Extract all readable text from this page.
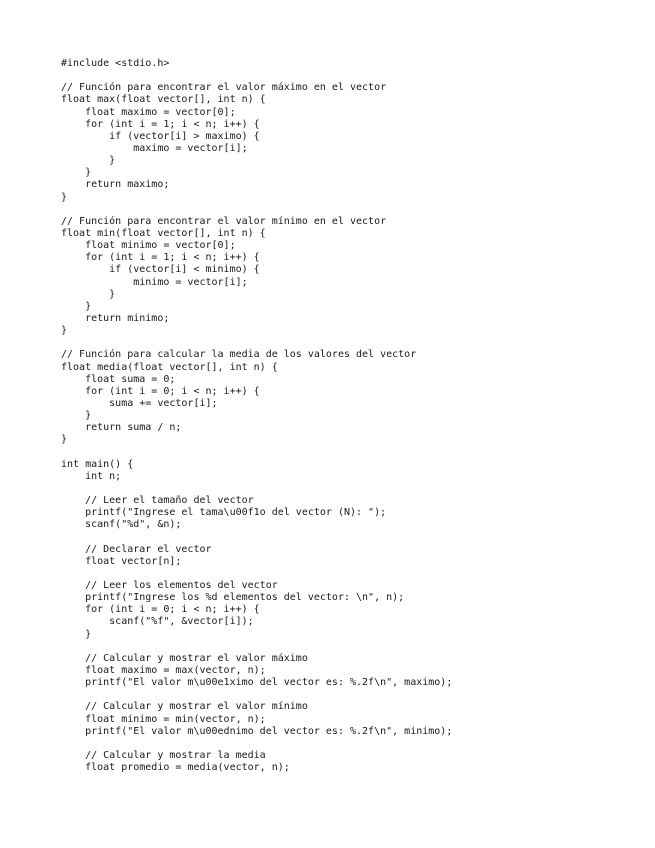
#include <stdio.h>
// Función para encontrar el valor máximo en el vector
float max(float vector[], int n) {
float maximo = vector[0];
for (int i = 1; i < n; i++) {
if (vector[i] > maximo) {
maximo = vector[i];
}
}
return maximo;
}
// Función para encontrar el valor mínimo en el vector
float min(float vector[], int n) {
float minimo = vector[0];
for (int i = 1; i < n; i++) {
if (vector[i] < minimo) {
minimo = vector[i];
}
}
return minimo;
}
// Función para calcular la media de los valores del vector
float media(float vector[], int n) {
float suma = 0;
for (int i = 0; i < n; i++) {
suma += vector[i];
}
return suma / n;
}
int main() {
int n;
// Leer el tamaño del vector
printf("Ingrese el tama\u00f1o del vector (N): ");
scanf("%d", &n);
// Declarar el vector
float vector[n];
// Leer los elementos del vector
printf("Ingrese los %d elementos del vector: \n", n);
for (int i = 0; i < n; i++) {
scanf("%f", &vector[i]);
}
// Calcular y mostrar el valor máximo
float maximo = max(vector, n);
printf("El valor m\u00e1ximo del vector es: %.2f\n", maximo);
// Calcular y mostrar el valor mínimo
float minimo = min(vector, n);
printf("El valor m\u00ednimo del vector es: %.2f\n", minimo);
// Calcular y mostrar la media
float promedio = media(vector, n);
